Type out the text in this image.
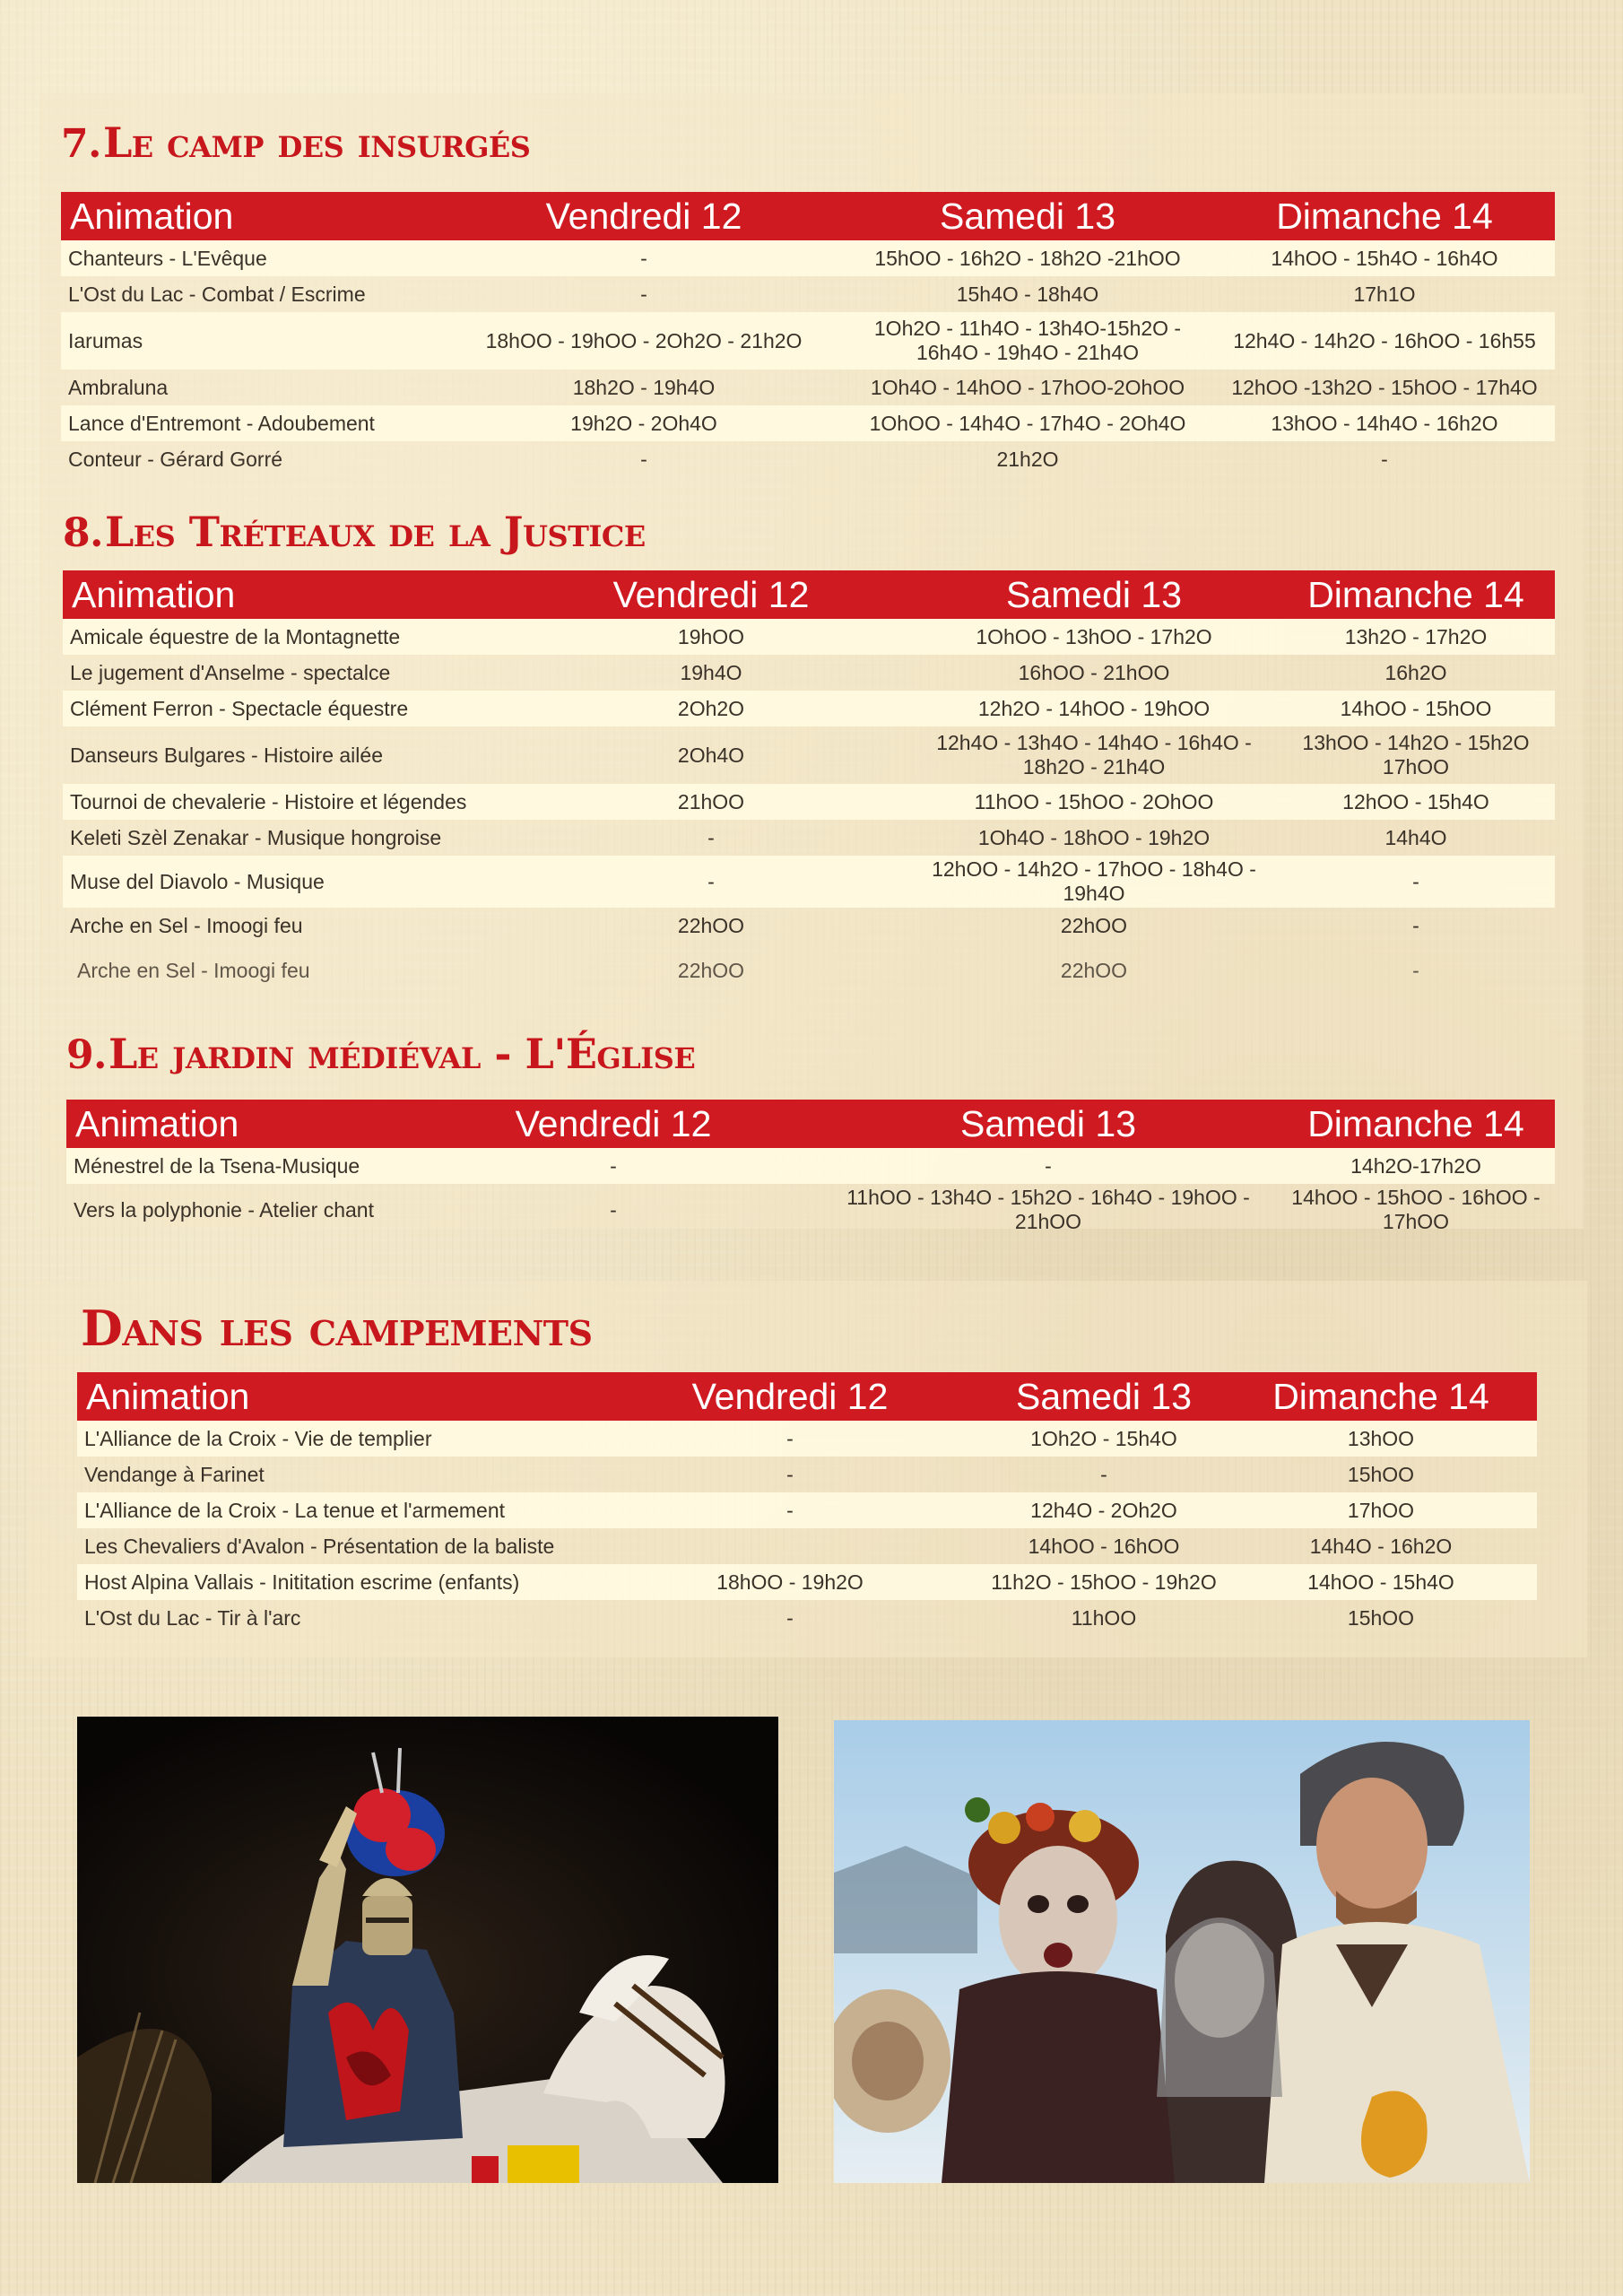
7.Le camp des insurgés
Animation	Vendredi 12	Samedi 13	Dimanche 14
Chanteurs - L'Evêque	-	15hOO - 16h2O - 18h2O -21hOO	14hOO - 15h4O - 16h4O
L'Ost du Lac - Combat / Escrime	-	15h4O - 18h4O	17h1O
Iarumas	18hOO - 19hOO - 2Oh2O - 21h2O	1Oh2O - 11h4O - 13h4O-15h2O - 16h4O - 19h4O - 21h4O	12h4O - 14h2O - 16hOO - 16h55
Ambraluna	18h2O - 19h4O	1Oh4O - 14hOO - 17hOO-2OhOO	12hOO -13h2O - 15hOO - 17h4O
Lance d'Entremont - Adoubement	19h2O - 2Oh4O	1OhOO - 14h4O - 17h4O - 2Oh4O	13hOO - 14h4O - 16h2O
Conteur - Gérard Gorré	-	21h2O	-
8.Les Tréteaux de la Justice
Animation	Vendredi 12	Samedi 13	Dimanche 14
Amicale équestre de la Montagnette	19hOO	1OhOO - 13hOO - 17h2O	13h2O - 17h2O
Le jugement d'Anselme - spectalce	19h4O	16hOO - 21hOO	16h2O
Clément Ferron - Spectacle équestre	2Oh2O	12h2O - 14hOO - 19hOO	14hOO - 15hOO
Danseurs Bulgares - Histoire ailée	2Oh4O	12h4O - 13h4O - 14h4O - 16h4O - 18h2O - 21h4O	13hOO - 14h2O - 15h2O 17hOO
Tournoi de chevalerie - Histoire et légendes	21hOO	11hOO - 15hOO - 2OhOO	12hOO - 15h4O
Keleti Szèl Zenakar - Musique hongroise	-	1Oh4O - 18hOO - 19h2O	14h4O
Muse del Diavolo - Musique	-	12hOO - 14h2O - 17hOO - 18h4O - 19h4O	-
Arche en Sel - Imoogi feu	22hOO	22hOO	-

Arche en Sel - Imoogi feu	22hOO	22hOO	-
9.Le jardin médiéval - L'Église
Animation	Vendredi 12	Samedi 13	Dimanche 14
Ménestrel de la Tsena-Musique	-	-	14h2O-17h2O
Vers la polyphonie - Atelier chant	-	11hOO - 13h4O - 15h2O - 16h4O - 19hOO - 21hOO	14hOO - 15hOO - 16hOO - 17hOO
Dans les campements
Animation	Vendredi 12	Samedi 13	Dimanche 14
L'Alliance de la Croix - Vie de templier	-	1Oh2O - 15h4O	13hOO
Vendange à Farinet	-	-	15hOO
L'Alliance de la Croix - La tenue et l'armement	-	12h4O - 2Oh2O	17hOO
Les Chevaliers d'Avalon - Présentation de la baliste		14hOO - 16hOO	14h4O - 16h2O
Host Alpina Vallais - Inititation escrime (enfants)	18hOO - 19h2O	11h2O - 15hOO - 19h2O	14hOO - 15h4O
L'Ost du Lac - Tir à l'arc	-	11hOO	15hOO
